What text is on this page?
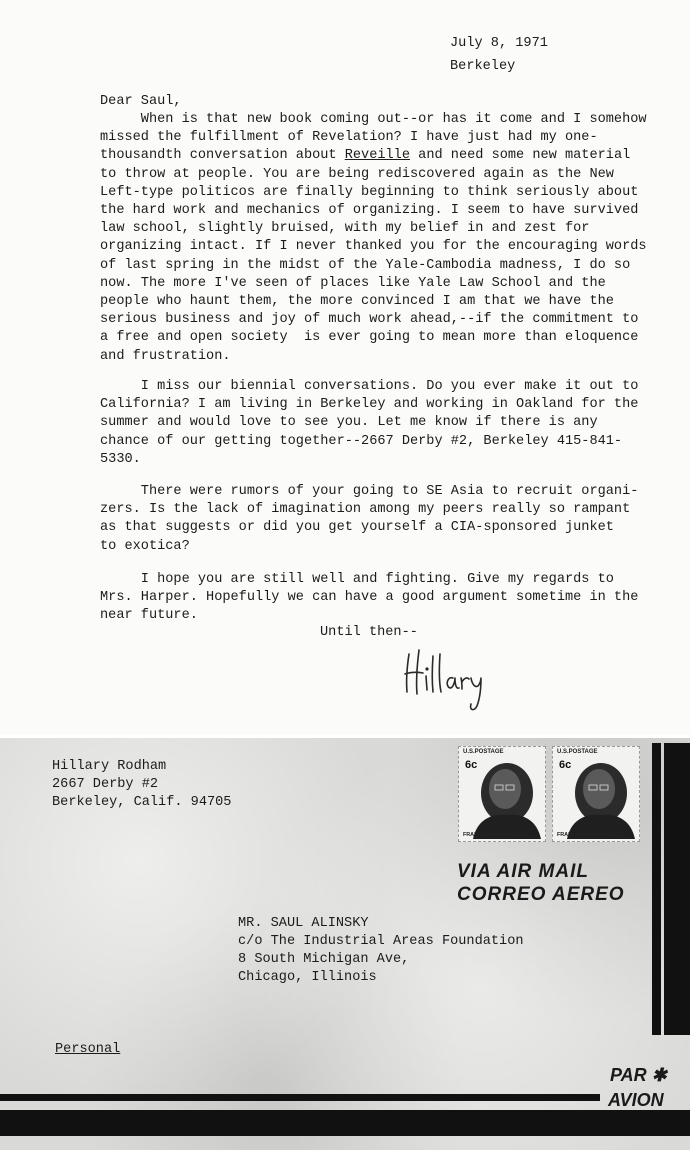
July 8, 1971
Berkeley
Dear Saul,
When is that new book coming out--or has it come and I somehow
missed the fulfillment of Revelation? I have just had my one-
thousandth conversation about Reveille and need some new material
to throw at people. You are being rediscovered again as the New
Left-type politicos are finally beginning to think seriously about
the hard work and mechanics of organizing. I seem to have survived
law school, slightly bruised, with my belief in and zest for
organizing intact. If I never thanked you for the encouraging words
of last spring in the midst of the Yale-Cambodia madness, I do so
now. The more I've seen of places like Yale Law School and the
people who haunt them, the more convinced I am that we have the
serious business and joy of much work ahead,--if the commitment to
a free and open society  is ever going to mean more than eloquence
and frustration.
I miss our biennial conversations. Do you ever make it out to
California? I am living in Berkeley and working in Oakland for the
summer and would love to see you. Let me know if there is any
chance of our getting together--2667 Derby #2, Berkeley 415-841-
5330.
There were rumors of your going to SE Asia to recruit organi-
zers. Is the lack of imagination among my peers really so rampant
as that suggests or did you get yourself a CIA-sponsored junket
to exotica?
I hope you are still well and fighting. Give my regards to
Mrs. Harper. Hopefully we can have a good argument sometime in the
near future.
Until then--
Hillary Rodham
2667 Derby #2
Berkeley, Calif. 94705
U.S.POSTAGE
6c
FRANKLIN D.ROOSEVELT
U.S.POSTAGE
6c
FRANKLIN D.ROOSEVELT
VIA AIR MAIL
CORREO AEREO
MR. SAUL ALINSKY
c/o The Industrial Areas Foundation
8 South Michigan Ave,
Chicago, Illinois
Personal
PAR ✱
AVION
